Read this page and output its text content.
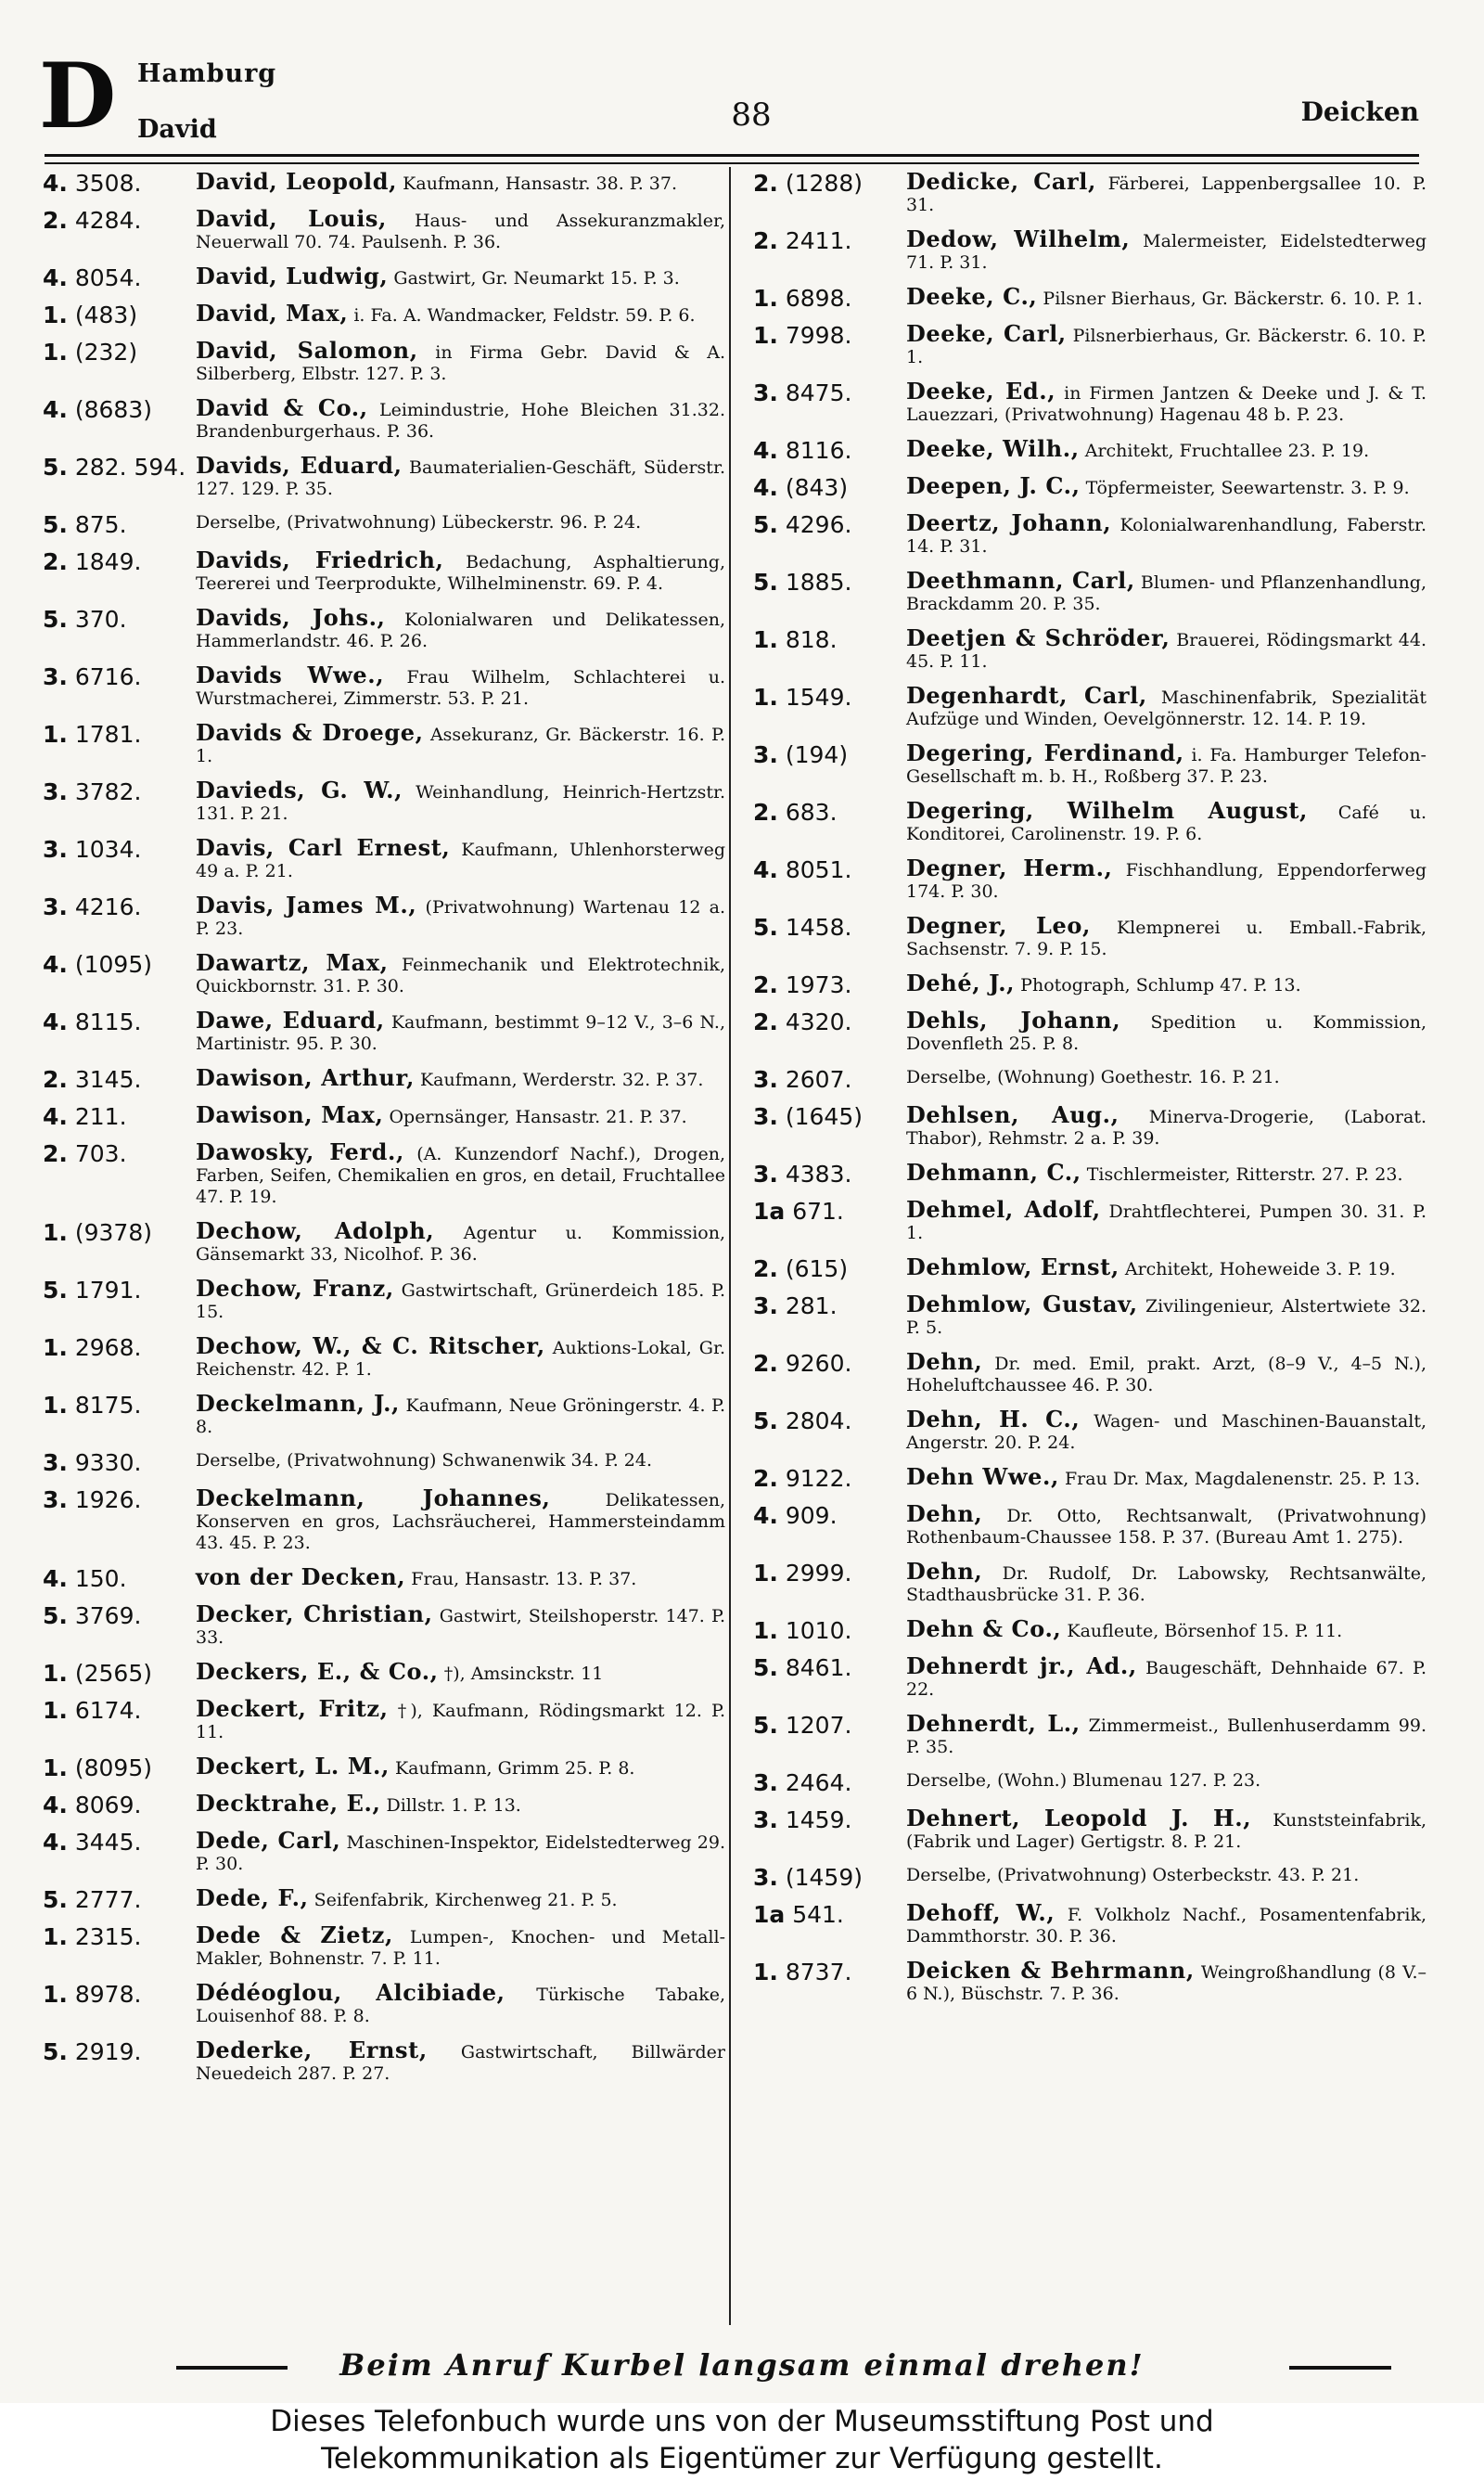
D Hamburg
David	88	Deicken
4. 3508.	David, Leopold, Kaufmann, Hansastr. 38. P. 37.
2. 4284.	David, Louis, Haus- und Assekuranzmakler, Neuerwall 70. 74. Paulsenh. P. 36.
4. 8054.	David, Ludwig, Gastwirt, Gr. Neumarkt 15. P. 3.
1. (483)	David, Max, i. Fa. A. Wandmacker, Feldstr. 59. P. 6.
1. (232)	David, Salomon, in Firma Gebr. David & A. Silberberg, Elbstr. 127. P. 3.
4. (8683)	David & Co., Leimindustrie, Hohe Bleichen 31.32. Brandenburgerhaus. P. 36.
5. 282. 594. Davids, Eduard, Baumaterialien-Geschäft, Süderstr. 127. 129. P. 35.
5. 875.	Derselbe, (Privatwohnung) Lübeckerstr. 96. P. 24.
2. 1849.	Davids, Friedrich, Bedachung, Asphaltierung, Teererei und Teerprodukte, Wilhelminenstr. 69. P. 4.
5. 370.	Davids, Johs., Kolonialwaren und Delikatessen, Hammerlandstr. 46. P. 26.
3. 6716.	Davids Wwe., Frau Wilhelm, Schlachterei u. Wurstmacherei, Zimmerstr. 53. P. 21.
1. 1781.	Davids & Droege, Assekuranz, Gr. Bäckerstr. 16. P. 1.
3. 3782.	Davieds, G. W., Weinhandlung, Heinrich-Hertzstr. 131. P. 21.
3. 1034.	Davis, Carl Ernest, Kaufmann, Uhlenhorsterweg 49 a. P. 21.
3. 4216.	Davis, James M., (Privatwohnung) Wartenau 12 a. P. 23.
4. (1095)	Dawartz, Max, Feinmechanik und Elektrotechnik, Quickbornstr. 31. P. 30.
4. 8115.	Dawe, Eduard, Kaufmann, bestimmt 9–12 V., 3–6 N., Martinistr. 95. P. 30.
2. 3145.	Dawison, Arthur, Kaufmann, Werderstr. 32. P. 37.
4. 211.	Dawison, Max, Opernsänger, Hansastr. 21. P. 37.
2. 703.	Dawosky, Ferd., (A. Kunzendorf Nachf.), Drogen, Farben, Seifen, Chemikalien en gros, en detail, Fruchtallee 47. P. 19.
1. (9378)	Dechow, Adolph, Agentur u. Kommission, Gänsemarkt 33, Nicolhof. P. 36.
5. 1791.	Dechow, Franz, Gastwirtschaft, Grünerdeich 185. P. 15.
1. 2968.	Dechow, W., & C. Ritscher, Auktions-Lokal, Gr. Reichenstr. 42. P. 1.
1. 8175.	Deckelmann, J., Kaufmann, Neue Gröningerstr. 4. P. 8.
3. 9330.	Derselbe, (Privatwohnung) Schwanenwik 34. P. 24.
3. 1926.	Deckelmann, Johannes,	Delikatessen, Konserven en gros, Lachsräucherei, Hammersteindamm 43. 45. P. 23.
4. 150.	von der Decken, Frau, Hansastr. 13. P. 37.
5. 3769.	Decker, Christian, Gastwirt, Steilshoperstr. 147. P. 33.
1. (2565)	Deckers, E., & Co., †), Amsinckstr. 11
1. 6174.	Deckert, Fritz, †), Kaufmann, Rödingsmarkt 12. P. 11.
1. (8095)	Deckert, L. M., Kaufmann, Grimm 25. P. 8.
4. 8069.	Decktrahe, E., Dillstr. 1. P. 13.
4. 3445.	Dede, Carl, Maschinen-Inspektor, Eidelstedterweg 29. P. 30.
5. 2777.	Dede, F., Seifenfabrik, Kirchenweg 21. P. 5.
1. 2315.	Dede & Zietz, Lumpen-, Knochen- und Metall-Makler, Bohnenstr. 7. P. 11.
1. 8978.	Dédéoglou, Alcibiade, Türkische Tabake, Louisenhof 88. P. 8.
5. 2919.	Dederke, Ernst, Gastwirtschaft, Billwärder Neuedeich 287. P. 27.
2. (1288)	Dedicke, Carl, Färberei, Lappenbergsallee 10. P. 31.
2. 2411.	Dedow, Wilhelm, Malermeister, Eidelstedterweg 71. P. 31.
1. 6898.	Deeke, C., Pilsner Bierhaus, Gr. Bäckerstr. 6. 10. P. 1.
1. 7998.	Deeke, Carl, Pilsnerbierhaus, Gr. Bäckerstr. 6. 10. P. 1.
3. 8475.	Deeke, Ed., in Firmen Jantzen & Deeke und J. & T. Lauezzari, (Privatwohnung) Hagenau 48 b. P. 23.
4. 8116.	Deeke, Wilh., Architekt, Fruchtallee 23. P. 19.
4. (843)	Deepen, J. C., Töpfermeister, Seewartenstr. 3. P. 9.
5. 4296.	Deertz, Johann, Kolonialwarenhandlung, Faberstr. 14. P. 31.
5. 1885.	Deethmann, Carl, Blumen- und Pflanzenhandlung, Brackdamm 20. P. 35.
1. 818.	Deetjen & Schröder, Brauerei, Rödingsmarkt 44. 45. P. 11.
1. 1549.	Degenhardt, Carl, Maschinenfabrik, Spezialität Aufzüge und Winden, Oevelgönnerstr. 12. 14. P. 19.
3. (194)	Degering, Ferdinand, i. Fa. Hamburger Telefon-Gesellschaft m. b. H., Roßberg 37. P. 23.
2. 683.	Degering, Wilhelm August, Café u. Konditorei, Carolinenstr. 19. P. 6.
4. 8051.	Degner, Herm., Fischhandlung, Eppendorferweg 174. P. 30.
5. 1458.	Degner, Leo, Klempnerei u. Emball.-Fabrik, Sachsenstr. 7. 9. P. 15.
2. 1973.	Dehé, J., Photograph, Schlump 47. P. 13.
2. 4320.	Dehls, Johann, Spedition u. Kommission, Dovenfleth 25. P. 8.
3. 2607.	Derselbe, (Wohnung) Goethestr. 16. P. 21.
3. (1645)	Dehlsen, Aug., Minerva-Drogerie, (Laborat. Thabor), Rehmstr. 2 a. P. 39.
3. 4383.	Dehmann, C., Tischlermeister, Ritterstr. 27. P. 23.
1a 671.	Dehmel, Adolf, Drahtflechterei, Pumpen 30. 31. P. 1.
2. (615)	Dehmlow, Ernst, Architekt, Hoheweide 3. P. 19.
3. 281.	Dehmlow, Gustav, Zivilingenieur, Alstertwiete 32. P. 5.
2. 9260.	Dehn, Dr. med. Emil, prakt. Arzt, (8–9 V., 4–5 N.), Hoheluftchaussee 46. P. 30.
5. 2804.	Dehn, H. C., Wagen- und Maschinen-Bauanstalt, Angerstr. 20. P. 24.
2. 9122.	Dehn Wwe., Frau Dr. Max, Magdalenenstr. 25. P. 13.
4. 909.	Dehn, Dr. Otto, Rechtsanwalt, (Privatwohnung) Rothenbaum-Chaussee 158. P. 37. (Bureau Amt 1. 275).
1. 2999.	Dehn, Dr. Rudolf, Dr. Labowsky, Rechtsanwälte, Stadthausbrücke 31. P. 36.
1. 1010.	Dehn & Co., Kaufleute, Börsenhof 15. P. 11.
5. 8461.	Dehnerdt jr., Ad., Baugeschäft, Dehnhaide 67. P. 22.
5. 1207.	Dehnerdt, L., Zimmermeist., Bullenhuserdamm 99. P. 35.
3. 2464.	Derselbe, (Wohn.) Blumenau 127. P. 23.
3. 1459.	Dehnert, Leopold J. H., Kunststeinfabrik, (Fabrik und Lager) Gertigstr. 8. P. 21.
3. (1459)	Derselbe, (Privatwohnung) Osterbeckstr. 43. P. 21.
1a 541.	Dehoff, W., F. Volkholz Nachf., Posamentenfabrik, Dammthorstr. 30. P. 36.
1. 8737.	Deicken & Behrmann, Weingroßhandlung (8 V.–6 N.), Büschstr. 7. P. 36.
Beim Anruf Kurbel langsam einmal drehen!
Dieses Telefonbuch wurde uns von der Museumsstiftung Post und
Telekommunikation als Eigentümer zur Verfügung gestellt.
